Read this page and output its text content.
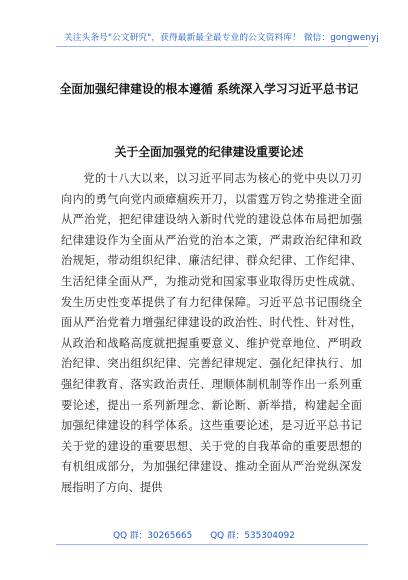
关注头条号"公文研究"，获得最新最全最专业的公文资料库！ 微信：gongwenyj
全面加强纪律建设的根本遵循 系统深入学习习近平总书记
关于全面加强党的纪律建设重要论述

党的十八大以来，以习近平同志为核心的党中央以刀刃向内的勇气向党内顽瘴痼疾开刀，以雷霆万钧之势推进全面从严治党，把纪律建设纳入新时代党的建设总体布局把加强纪律建设作为全面从严治党的治本之策，严肃政治纪律和政治规矩，带动组织纪律、廉洁纪律、群众纪律、工作纪律、生活纪律全面从严，为推动党和国家事业取得历史性成就、发生历史性变革提供了有力纪律保障。习近平总书记围绕全面从严治党着力增强纪律建设的政治性、时代性、针对性，从政治和战略高度就把握重要意义、维护党章地位、严明政治纪律、突出组织纪律、完善纪律规定、强化纪律执行、加强纪律教育、落实政治责任、理顺体制机制等作出一系列重要论述，提出一系列新理念、新论断、新举措，构建起全面加强纪律建设的科学体系。这些重要论述，是习近平总书记关于党的建设的重要思想、关于党的自我革命的重要思想的有机组成部分，为加强纪律建设、推动全面从严治党纵深发展指明了方向、提供

QQ 群：30265665 QQ 群：535304092
